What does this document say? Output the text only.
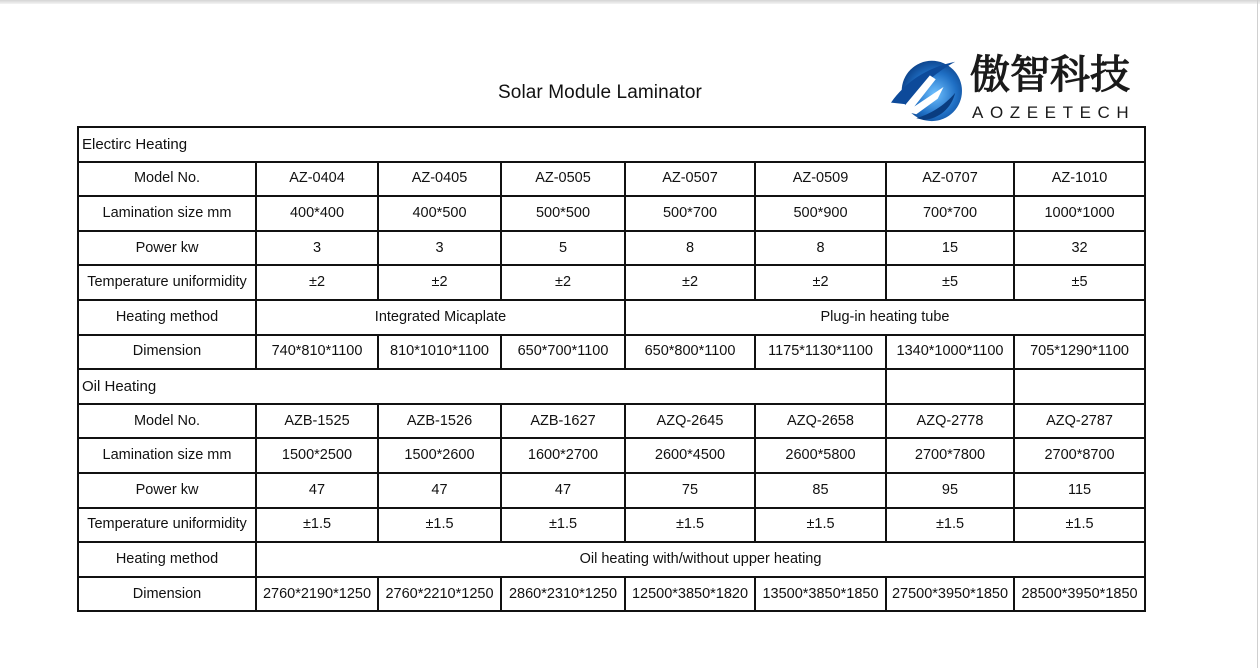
Solar Module Laminator	傲智科技
AOZEETECH
Electirc Heating							
Model No.	AZ-0404	AZ-0405	AZ-0505	AZ-0507	AZ-0509	AZ-0707	AZ-1010
Lamination size mm	400*400	400*500	500*500	500*700	500*900	700*700	1000*1000
Power kw	3	3	5	8	8	15	32
Temperature uniformidity	±2	±2	±2	±2	±2	±5	±5
Heating method	Integrated Micaplate			Plug-in heating tube			
Dimension	740*810*1100	810*1010*1100	650*700*1100	650*800*1100	1175*1130*1100	1340*1000*1100	705*1290*1100
Oil Heating							
Model No.	AZB-1525	AZB-1526	AZB-1627	AZQ-2645	AZQ-2658	AZQ-2778	AZQ-2787
Lamination size mm	1500*2500	1500*2600	1600*2700	2600*4500	2600*5800	2700*7800	2700*8700
Power kw	47	47	47	75	85	95	115
Temperature uniformidity	±1.5	±1.5	±1.5	±1.5	±1.5	±1.5	±1.5
Heating method	Oil heating with/without upper heating						
Dimension	2760*2190*1250	2760*2210*1250	2860*2310*1250	12500*3850*1820	13500*3850*1850	27500*3950*1850	28500*3950*1850
